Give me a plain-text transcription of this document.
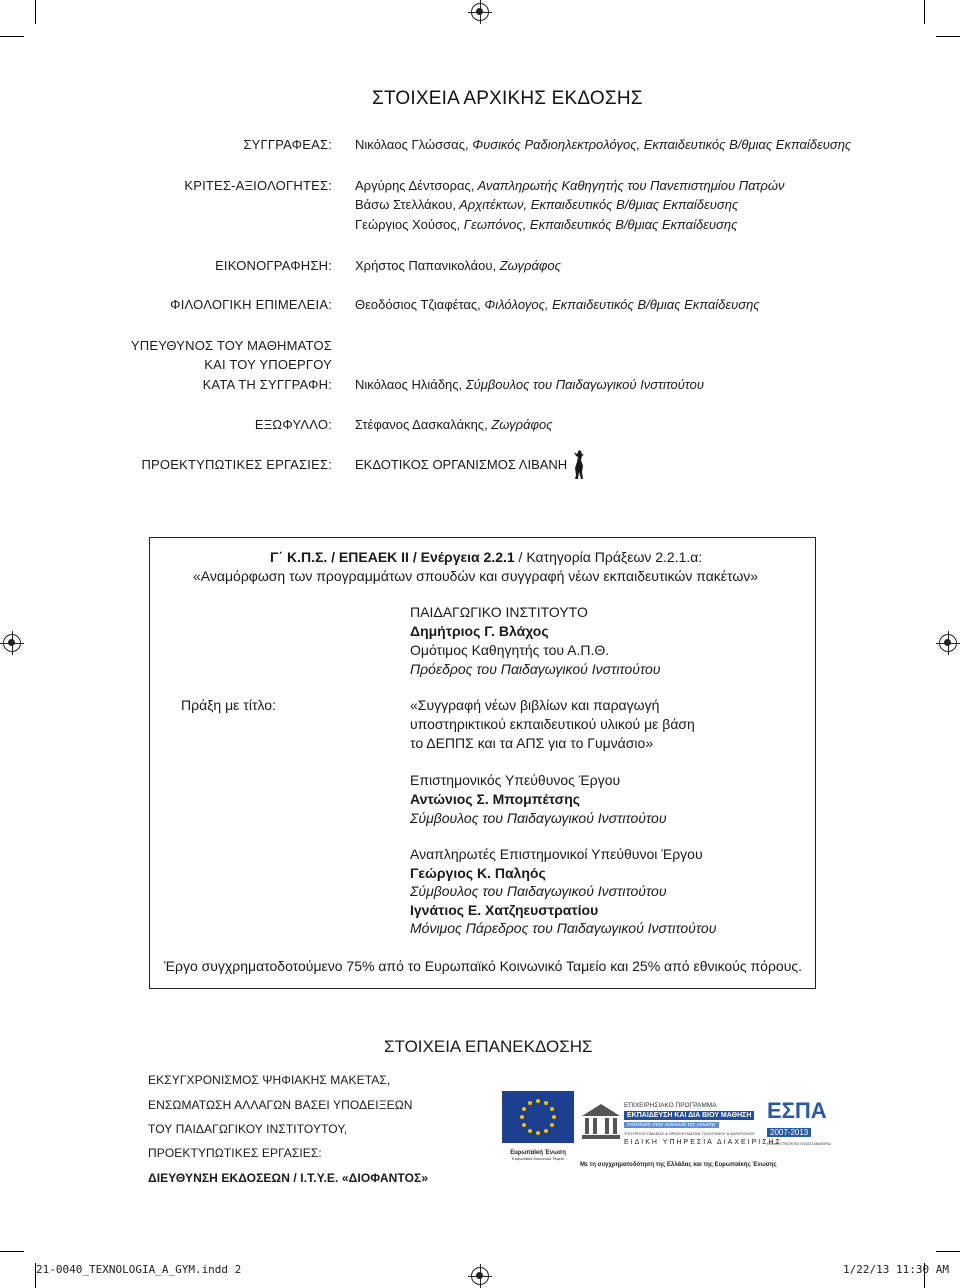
ΣΤΟΙΧΕΙΑ ΑΡΧΙΚΗΣ ΕΚΔΟΣΗΣ
ΣΥΓΓΡΑΦΕΑΣ: Νικόλαος Γλώσσας, Φυσικός Ραδιοηλεκτρολόγος, Εκπαιδευτικός Β/θμιας Εκπαίδευσης
ΚΡΙΤΕΣ-ΑΞΙΟΛΟΓΗΤΕΣ: Αργύρης Δέντσορας, Αναπληρωτής Καθηγητής του Πανεπιστημίου Πατρών
Βάσω Στελλάκου, Αρχιτέκτων, Εκπαιδευτικός Β/θμιας Εκπαίδευσης
Γεώργιος Χούσος, Γεωπόνος, Εκπαιδευτικός Β/θμιας Εκπαίδευσης
ΕΙΚΟΝΟΓΡΑΦΗΣΗ: Χρήστος Παπανικολάου, Ζωγράφος
ΦΙΛΟΛΟΓΙΚΗ ΕΠΙΜΕΛΕΙΑ: Θεοδόσιος Τζιαφέτας, Φιλόλογος, Εκπαιδευτικός Β/θμιας Εκπαίδευσης
ΥΠΕΥΘΥΝΟΣ ΤΟΥ ΜΑΘΗΜΑΤΟΣ
ΚΑΙ ΤΟΥ ΥΠΟΕΡΓΟΥ
ΚΑΤΑ ΤΗ ΣΥΓΓΡΑΦΗ: Νικόλαος Ηλιάδης, Σύμβουλος του Παιδαγωγικού Ινστιτούτου
ΕΞΩΦΥΛΛΟ: Στέφανος Δασκαλάκης, Ζωγράφος
ΠΡΟΕΚΤΥΠΩΤΙΚΕΣ ΕΡΓΑΣΙΕΣ: ΕΚΔΟΤΙΚΟΣ ΟΡΓΑΝΙΣΜΟΣ ΛΙΒΑΝΗ
Γ΄ Κ.Π.Σ. / ΕΠΕΑΕΚ ΙΙ / Ενέργεια 2.2.1 / Κατηγορία Πράξεων 2.2.1.α:
«Αναμόρφωση των προγραμμάτων σπουδών και συγγραφή νέων εκπαιδευτικών πακέτων»
Πράξη με τίτλο:
ΠΑΙΔΑΓΩΓΙΚΟ ΙΝΣΤΙΤΟΥΤΟ
Δημήτριος Γ. Βλάχος
Ομότιμος Καθηγητής του Α.Π.Θ.
Πρόεδρος του Παιδαγωγικού Ινστιτούτου
«Συγγραφή νέων βιβλίων και παραγωγή
υποστηρικτικού εκπαιδευτικού υλικού με βάση
το ΔΕΠΠΣ και τα ΑΠΣ για το Γυμνάσιο»
Επιστημονικός Υπεύθυνος Έργου
Αντώνιος Σ. Μπομπέτσης
Σύμβουλος του Παιδαγωγικού Ινστιτούτου
Αναπληρωτές Επιστημονικοί Υπεύθυνοι Έργου
Γεώργιος Κ. Παληός
Σύμβουλος του Παιδαγωγικού Ινστιτούτου
Ιγνάτιος Ε. Χατζηευστρατίου
Μόνιμος Πάρεδρος του Παιδαγωγικού Ινστιτούτου
Έργο συγχρηματοδοτούμενο 75% από το Ευρωπαϊκό Κοινωνικό Ταμείο και 25% από εθνικούς πόρους.
ΣΤΟΙΧΕΙΑ ΕΠΑΝΕΚΔΟΣΗΣ
ΕΚΣΥΓΧΡΟΝΙΣΜΟΣ ΨΗΦΙΑΚΗΣ ΜΑΚΕΤΑΣ,
ΕΝΣΩΜΑΤΩΣΗ ΑΛΛΑΓΩΝ ΒΑΣΕΙ ΥΠΟΔΕΙΞΕΩΝ
ΤΟΥ ΠΑΙΔΑΓΩΓΙΚΟΥ ΙΝΣΤΙΤΟΥΤΟΥ,
ΠΡΟΕΚΤΥΠΩΤΙΚΕΣ ΕΡΓΑΣΙΕΣ:
ΔΙΕΥΘΥΝΣΗ ΕΚΔΟΣΕΩΝ / Ι.Τ.Υ.Ε. «ΔΙΟΦΑΝΤΟΣ»
Ευρωπαϊκή Ένωση
Ευρωπαϊκό Κοινωνικό Ταμείο
ΕΠΙΧΕΙΡΗΣΙΑΚΟ ΠΡΟΓΡΑΜΜΑ
ΕΚΠΑΙΔΕΥΣΗ ΚΑΙ ΔΙΑ ΒΙΟΥ ΜΑΘΗΣΗ
επένδυση στην κοινωνία της γνώσης
ΥΠΟΥΡΓΕΙΟ ΠΑΙΔΕΙΑΣ & ΘΡΗΣΚΕΥΜΑΤΩΝ, ΠΟΛΙΤΙΣΜΟΥ & ΑΘΛΗΤΙΣΜΟΥ
ΕΙΔΙΚΗ ΥΠΗΡΕΣΙΑ ΔΙΑΧΕΙΡΙΣΗΣ
ΕΣΠΑ
2007-2013
ΕΘΝΙΚΟ ΣΤΡΑΤΗΓΙΚΟ ΠΛΑΙΣΙΟ ΑΝΑΦΟΡΑΣ
Με τη συγχρηματοδότηση της Ελλάδας και της Ευρωπαϊκής Ένωσης
21-0040_TEXNOLOGIA_A_GYM.indd 2	1/22/13 11:30 AM
